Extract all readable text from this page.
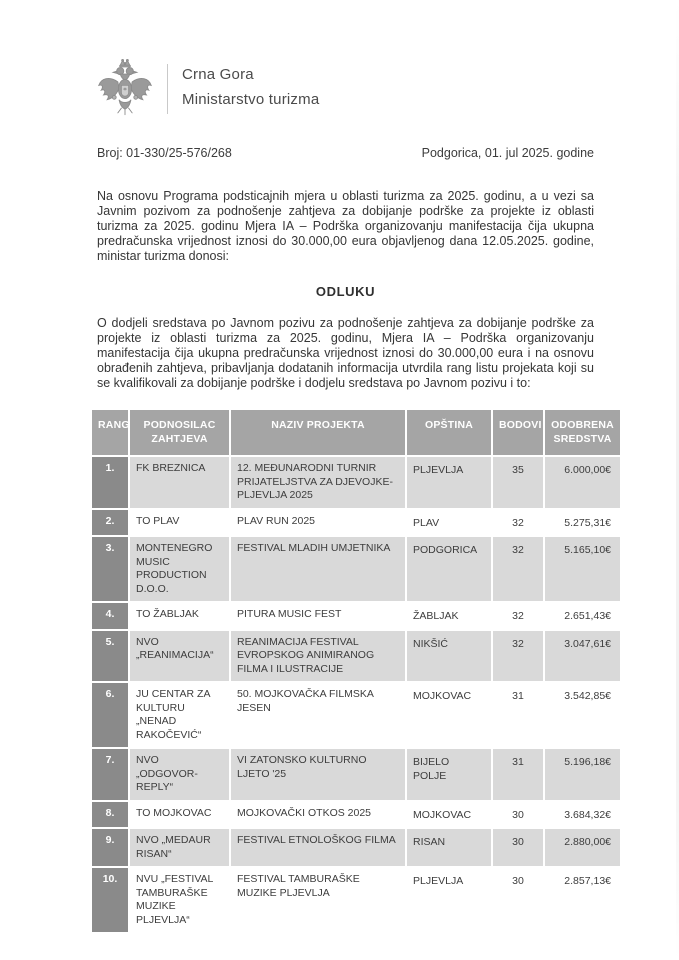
Crna Gora
Ministarstvo turizma
Broj: 01-330/25-576/268	Podgorica, 01. jul 2025. godine

Na osnovu Programa podsticajnih mjera u oblasti turizma za 2025. godinu, a u vezi sa Javnim pozivom za podnošenje zahtjeva za dobijanje podrške za projekte iz oblasti turizma za 2025. godinu Mjera IA – Podrška organizovanju manifestacija čija ukupna predračunska vrijednost iznosi do 30.000,00 eura objavljenog dana 12.05.2025. godine, ministar turizma donosi:

ODLUKU

O dodjeli sredstava po Javnom pozivu za podnošenje zahtjeva za dobijanje podrške za projekte iz oblasti turizma za 2025. godinu, Mjera IA – Podrška organizovanju manifestacija čija ukupna predračunska vrijednost iznosi do 30.000,00 eura i na osnovu obrađenih zahtjeva, pribavljanja dodatanih informacija utvrdila rang listu projekata koji su se kvalifikovali za dobijanje podrške i dodjelu sredstava po Javnom pozivu i to:

RANG	PODNOSILAC ZAHTJEVA	NAZIV PROJEKTA	OPŠTINA	BODOVI	ODOBRENA SREDSTVA
1.	FK BREZNICA	12. MEĐUNARODNI TURNIR PRIJATELJSTVA ZA DJEVOJKE- PLJEVLJA 2025	PLJEVLJA	35	6.000,00€
2.	TO PLAV	PLAV RUN 2025	PLAV	32	5.275,31€
3.	MONTENEGRO MUSIC PRODUCTION D.O.O.	FESTIVAL MLADIH UMJETNIKA	PODGORICA	32	5.165,10€
4.	TO ŽABLJAK	PITURA MUSIC FEST	ŽABLJAK	32	2.651,43€
5.	NVO „REANIMACIJA“	REANIMACIJA FESTIVAL EVROPSKOG ANIMIRANOG FILMA I ILUSTRACIJE	NIKŠIĆ	32	3.047,61€
6.	JU CENTAR ZA KULTURU „NENAD RAKOČEVIĆ“	50. MOJKOVAČKA FILMSKA JESEN	MOJKOVAC	31	3.542,85€
7.	NVO „ODGOVOR- REPLY“	VI ZATONSKO KULTURNO LJETO '25	BIJELO POLJE	31	5.196,18€
8.	TO MOJKOVAC	MOJKOVAČKI OTKOS 2025	MOJKOVAC	30	3.684,32€
9.	NVO „MEDAUR RISAN“	FESTIVAL ETNOLOŠKOG FILMA	RISAN	30	2.880,00€
10.	NVU „FESTIVAL TAMBURAŠKE MUZIKE PLJEVLJA“	FESTIVAL TAMBURAŠKE MUZIKE PLJEVLJA	PLJEVLJA	30	2.857,13€
